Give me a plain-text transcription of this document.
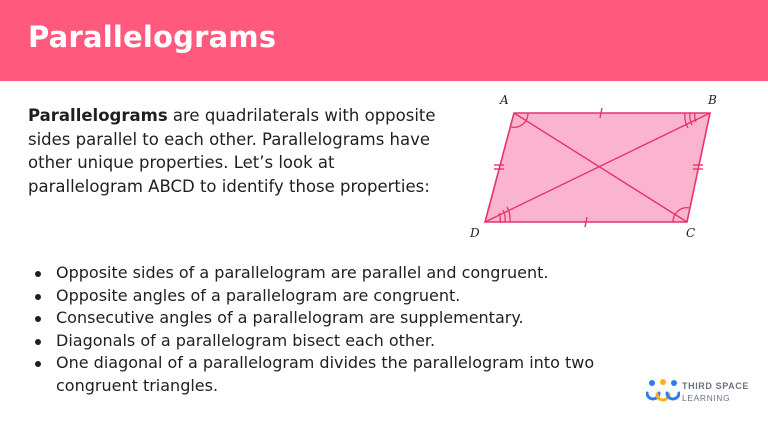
Parallelograms

Parallelograms are quadrilaterals with opposite sides parallel to each other. Parallelograms have other unique properties. Let’s look at parallelogram ABCD to identify those properties:

A	B
C
D
Opposite sides of a parallelogram are parallel and congruent.
Opposite angles of a parallelogram are congruent.
Consecutive angles of a parallelogram are supplementary.
Diagonals of a parallelogram bisect each other.
One diagonal of a parallelogram divides the parallelogram into two congruent triangles.	THIRD SPACE
LEARNING
